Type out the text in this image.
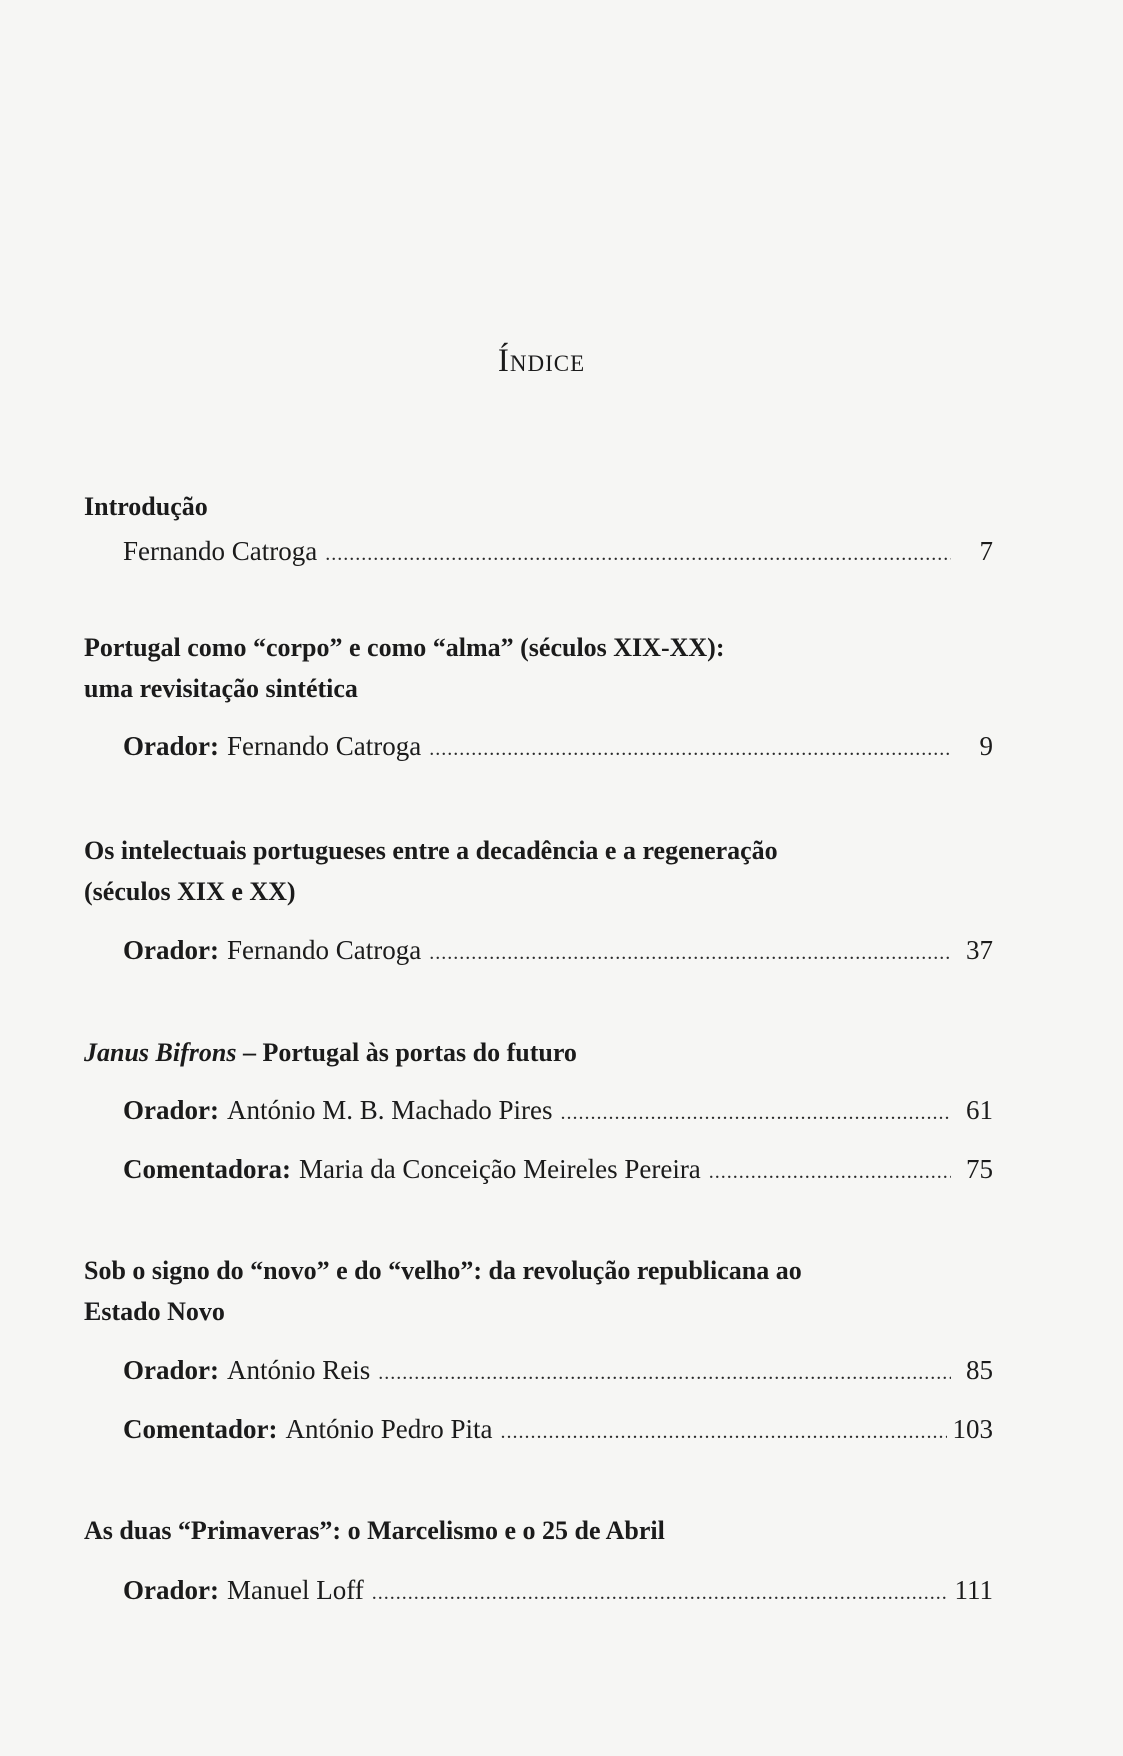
Índice
Introdução
Fernando Catroga .....	7
Portugal como “corpo” e como “alma” (séculos XIX-XX):
uma revisitação sintética
Orador: Fernando Catroga .....	9
Os intelectuais portugueses entre a decadência e a regeneração
(séculos XIX e XX)
Orador: Fernando Catroga .....	37
Janus Bifrons – Portugal às portas do futuro
Orador: António M. B. Machado Pires .....	61
Comentadora: Maria da Conceição Meireles Pereira .....	75
Sob o signo do “novo” e do “velho”: da revolução republicana ao
Estado Novo
Orador: António Reis .....	85
Comentador: António Pedro Pita .....	103
As duas “Primaveras”: o Marcelismo e o 25 de Abril
Orador: Manuel Loff .....	111
